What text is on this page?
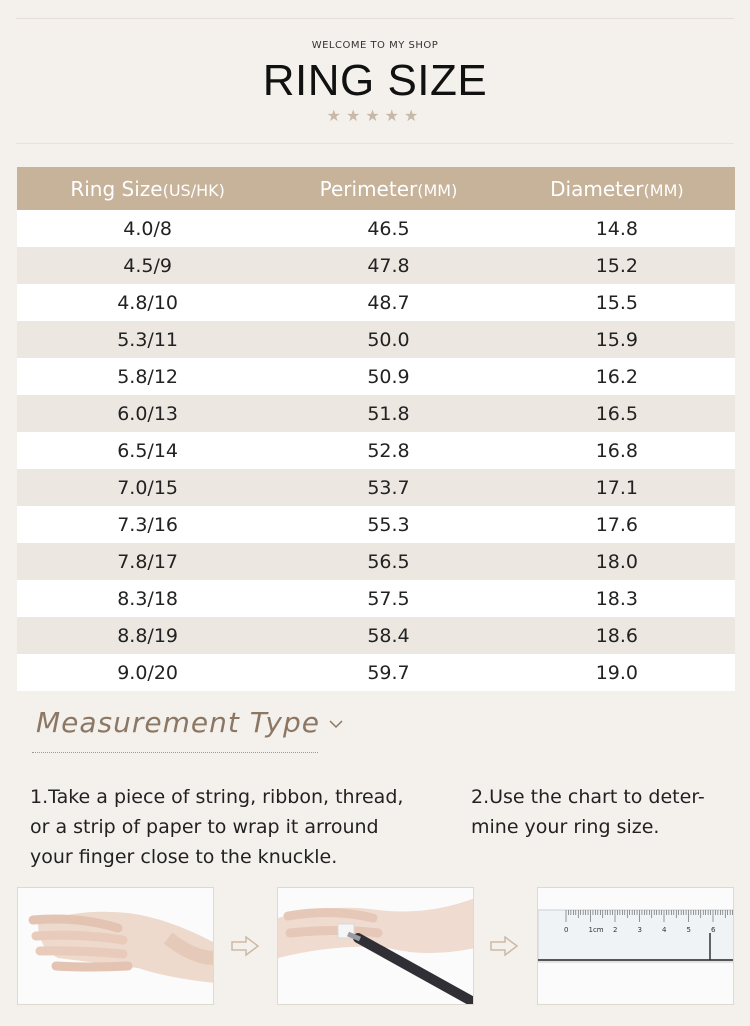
WELCOME TO MY SHOP
RING SIZE
★★★★★
Ring Size(US/HK)	Perimeter(MM)	Diameter(MM)
4.0/8	46.5	14.8
4.5/9	47.8	15.2
4.8/10	48.7	15.5
5.3/11	50.0	15.9
5.8/12	50.9	16.2
6.0/13	51.8	16.5
6.5/14	52.8	16.8
7.0/15	53.7	17.1
7.3/16	55.3	17.6
7.8/17	56.5	18.0
8.3/18	57.5	18.3
8.8/19	58.4	18.6
9.0/20	59.7	19.0
Measurement Type
1.Take a piece of string, ribbon, thread,
or a strip of paper to wrap it arround
your finger close to the knuckle.
2.Use the chart to deter-
mine your ring size.
0	1cm 2	3	4	5	6
